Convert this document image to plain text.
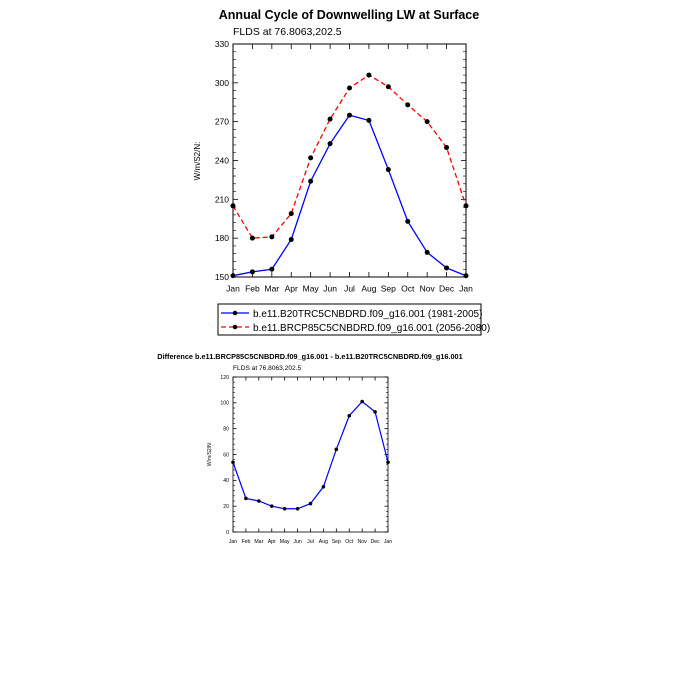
Annual Cycle of Downwelling LW at Surface
FLDS at 76.8063,202.5
W/m/S2/N:
150
180
210
240
270
300
330
Jan Feb Mar Apr May Jun Jul Aug Sep Oct Nov Dec Jan
b.e11.B20TRC5CNBDRD.f09_g16.001 (1981-2005)
b.e11.BRCP85C5CNBDRD.f09_g16.001 (2056-2080)
Difference b.e11.BRCP85C5CNBDRD.f09_g16.001 - b.e11.B20TRC5CNBDRD.f09_g16.001
FLDS at 76.8063,202.5
W/m/S2/N:
0
20
40
60
80
100
120
Jan Feb Mar Apr May Jun Jul Aug Sep Oct Nov Dec Jan
